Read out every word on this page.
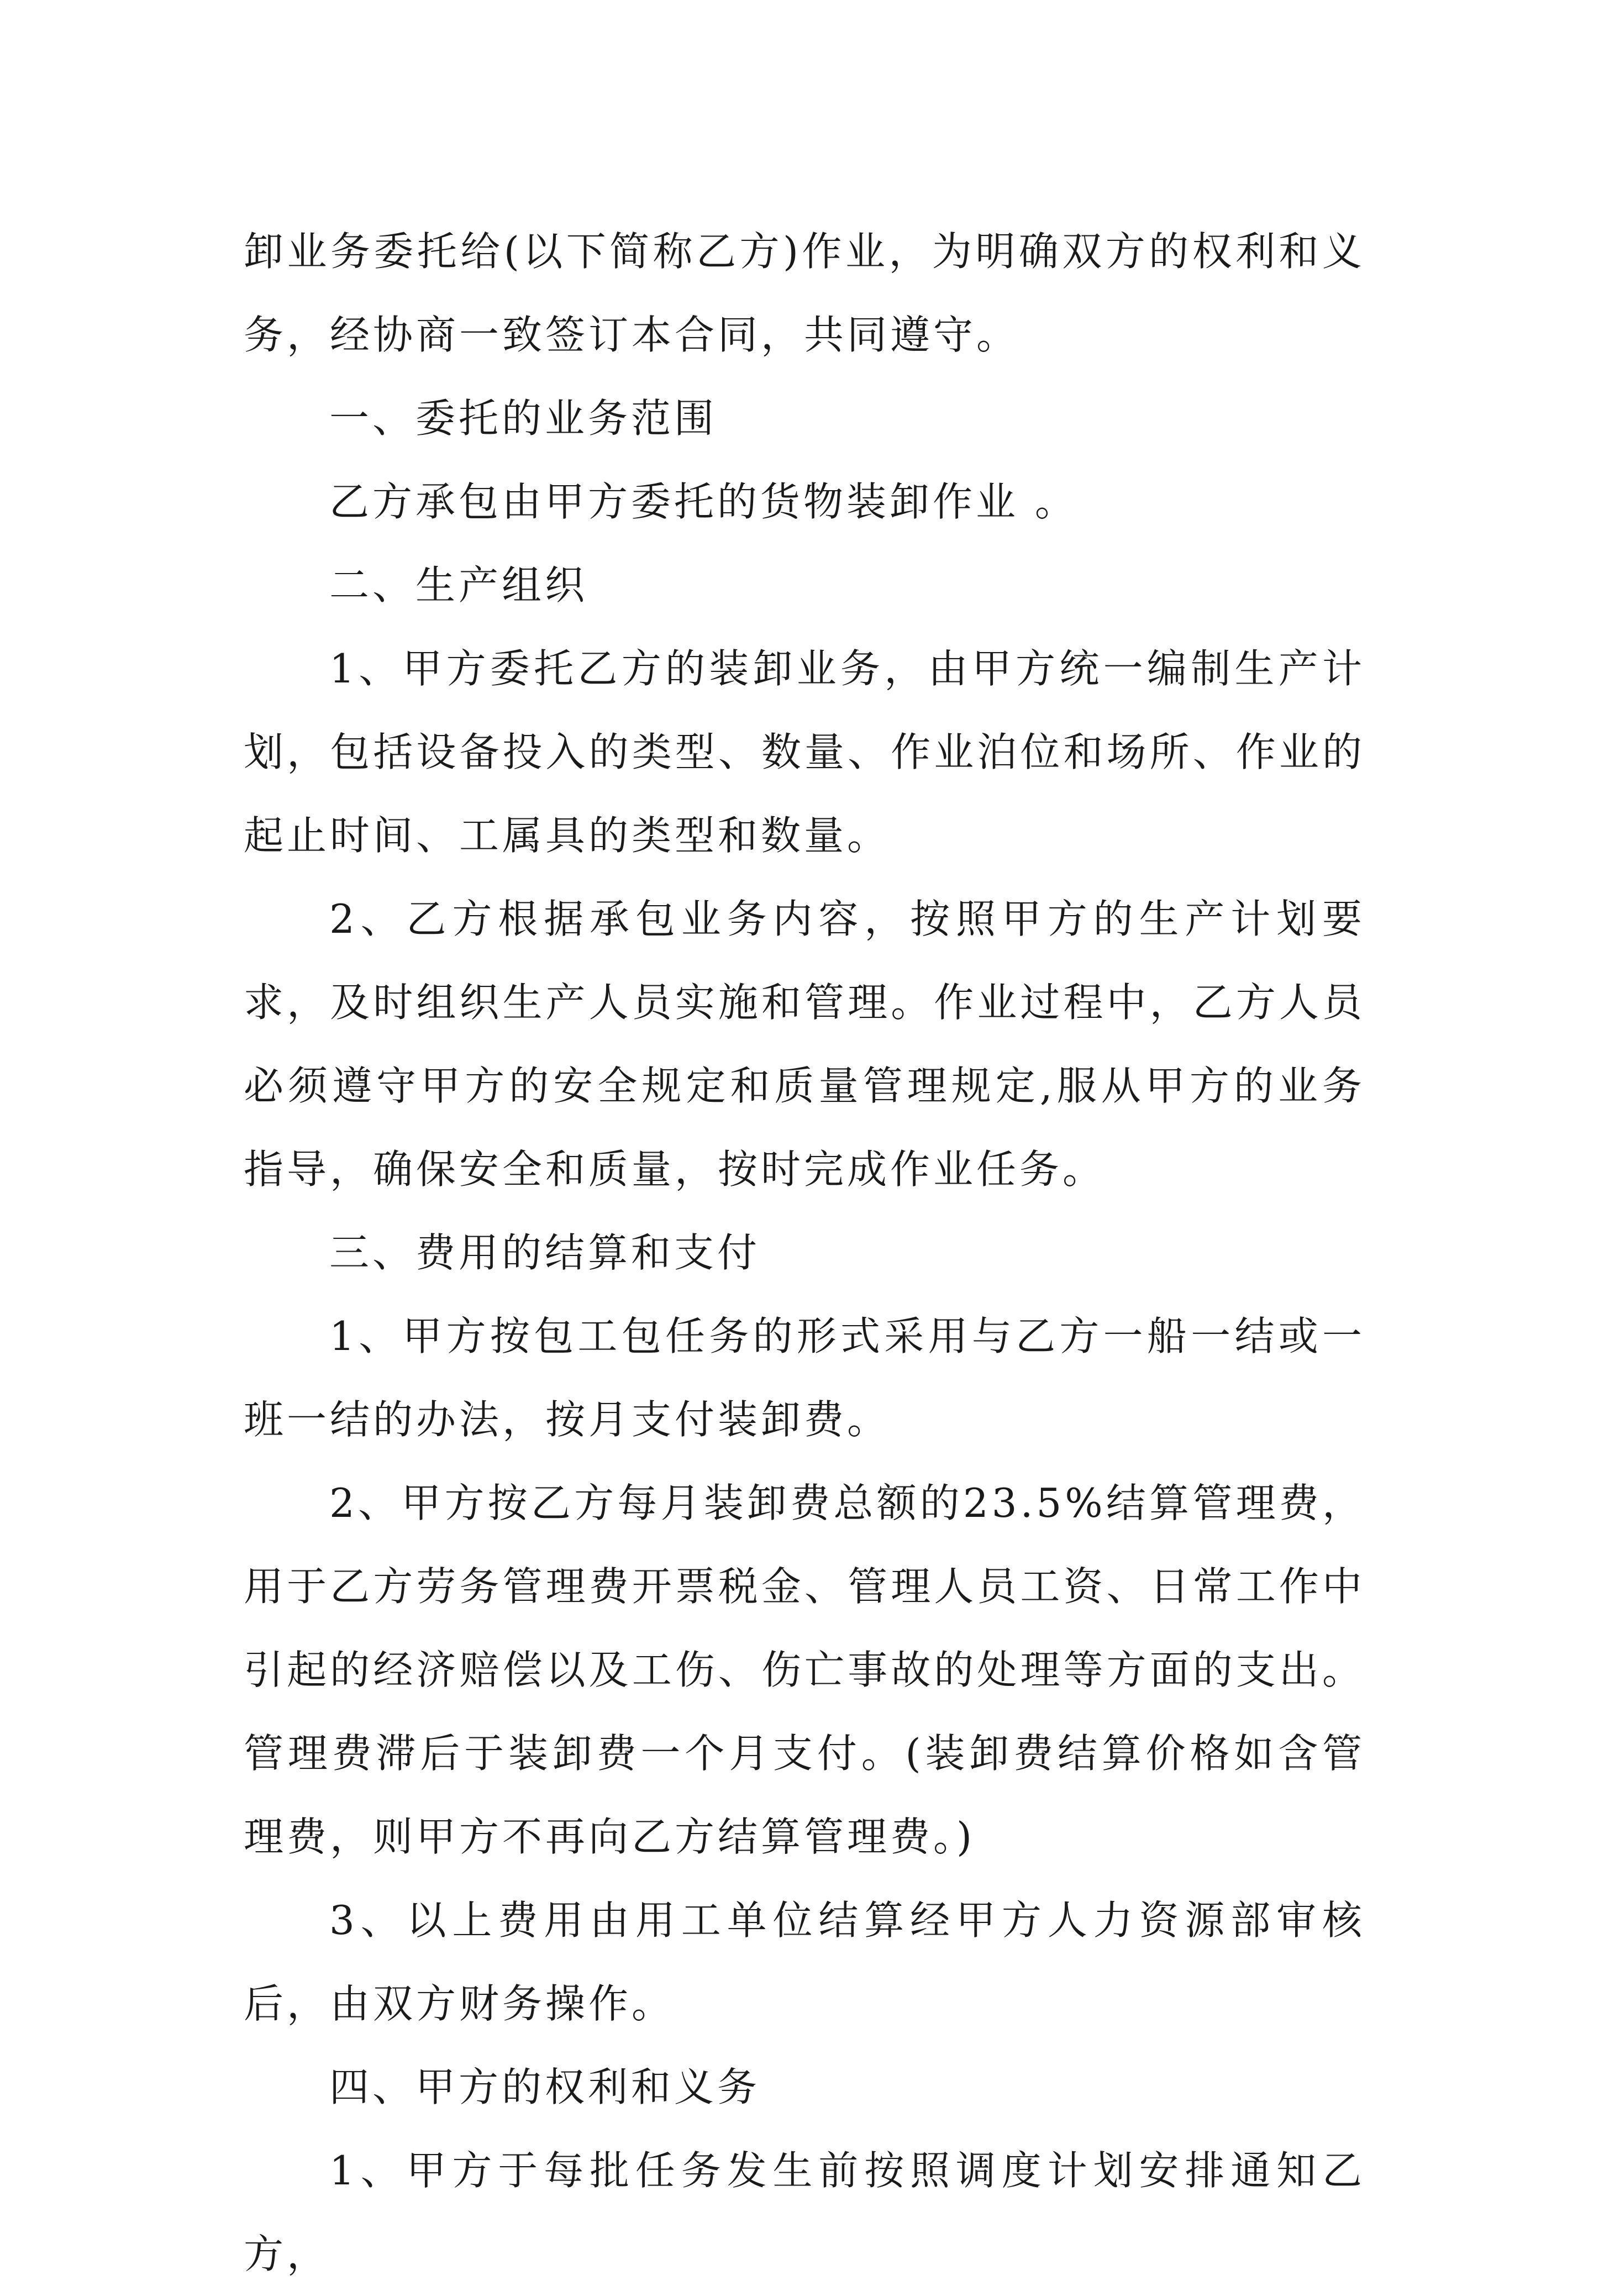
卸业务委托给(以下简称乙方)作业，为明确双方的权利和义务，经协商一致签订本合同，共同遵守。

一、委托的业务范围

乙方承包由甲方委托的货物装卸作业 。

二、生产组织

1、甲方委托乙方的装卸业务，由甲方统一编制生产计划，包括设备投入的类型、数量、作业泊位和场所、作业的起止时间、工属具的类型和数量。

2、乙方根据承包业务内容，按照甲方的生产计划要求，及时组织生产人员实施和管理。作业过程中，乙方人员必须遵守甲方的安全规定和质量管理规定,服从甲方的业务指导，确保安全和质量，按时完成作业任务。

三、费用的结算和支付

1、甲方按包工包任务的形式采用与乙方一船一结或一班一结的办法，按月支付装卸费。

2、甲方按乙方每月装卸费总额的23.5%结算管理费，用于乙方劳务管理费开票税金、管理人员工资、日常工作中引起的经济赔偿以及工伤、伤亡事故的处理等方面的支出。管理费滞后于装卸费一个月支付。(装卸费结算价格如含管理费，则甲方不再向乙方结算管理费。)

3、以上费用由用工单位结算经甲方人力资源部审核后，由双方财务操作。

四、甲方的权利和义务

1、甲方于每批任务发生前按照调度计划安排通知乙方，
